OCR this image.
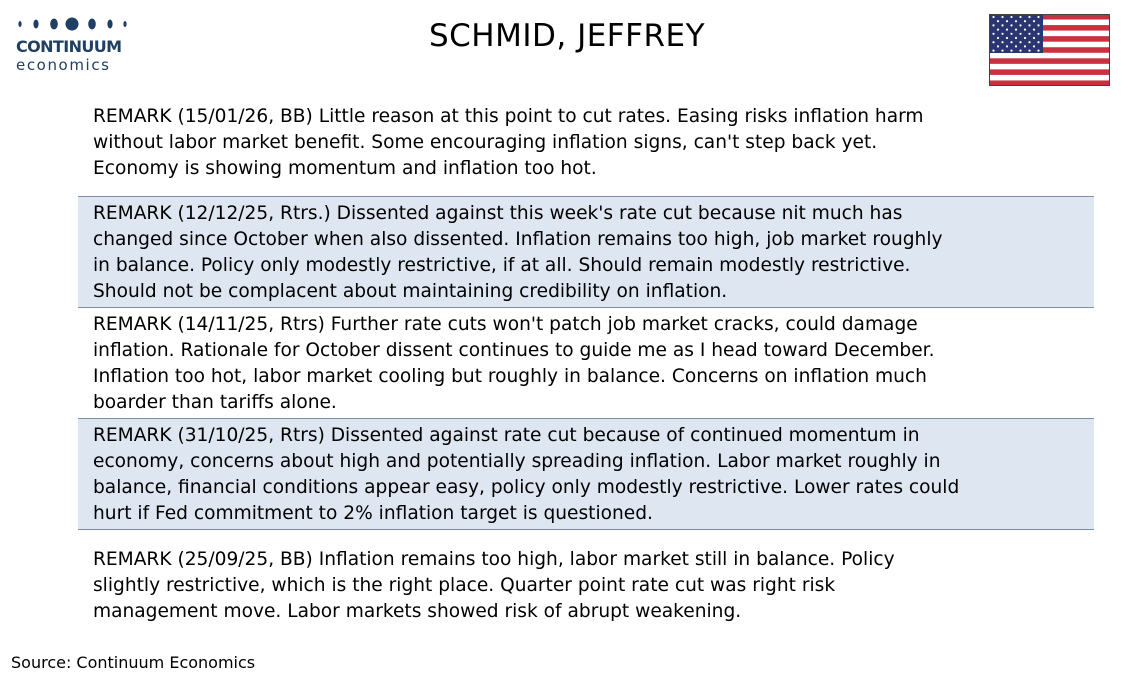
CONTINUUM
economics
SCHMID, JEFFREY
REMARK (15/01/26, BB) Little reason at this point to cut rates. Easing risks inflation harm
without labor market benefit. Some encouraging inflation signs, can't step back yet.
Economy is showing momentum and inflation too hot.
REMARK (12/12/25, Rtrs.) Dissented against this week's rate cut because nit much has
changed since October when also dissented. Inflation remains too high, job market roughly
in balance. Policy only modestly restrictive, if at all. Should remain modestly restrictive.
Should not be complacent about maintaining credibility on inflation.
REMARK (14/11/25, Rtrs) Further rate cuts won't patch job market cracks, could damage
inflation. Rationale for October dissent continues to guide me as I head toward December.
Inflation too hot, labor market cooling but roughly in balance. Concerns on inflation much
boarder than tariffs alone.
REMARK (31/10/25, Rtrs) Dissented against rate cut because of continued momentum in
economy, concerns about high and potentially spreading inflation. Labor market roughly in
balance, financial conditions appear easy, policy only modestly restrictive. Lower rates could
hurt if Fed commitment to 2% inflation target is questioned.
REMARK (25/09/25, BB) Inflation remains too high, labor market still in balance. Policy
slightly restrictive, which is the right place. Quarter point rate cut was right risk
management move. Labor markets showed risk of abrupt weakening.
Source: Continuum Economics
